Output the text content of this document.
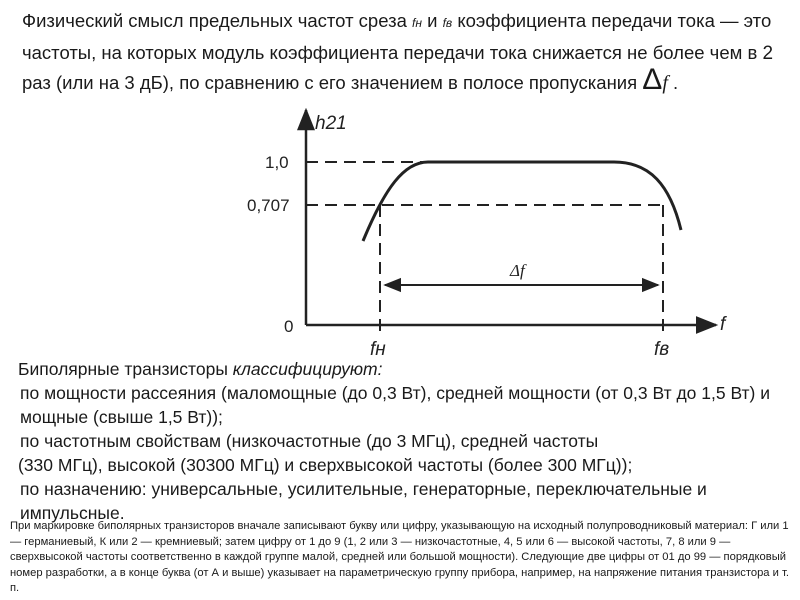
Физический смысл предельных частот среза fн и fв коэффициента передачи тока — это частоты, на которых модуль коэффициента передачи тока снижается не более чем в 2 раз (или на 3 дБ), по сравнению с его значением в полосе пропускания Δf .
Δf
1,0
0,707
0
h21
f
fн	fв

Биполярные транзисторы классифицируют:

по мощности рассеяния (маломощные (до 0,3 Вт), средней мощности (от 0,3 Вт до 1,5 Вт) и мощные (свыше 1,5 Вт));

по частотным свойствам (низкочастотные (до 3 МГц), средней частоты

(330 МГц), высокой (30300 МГц) и сверхвысокой частоты (более 300 МГц));

по назначению: универсальные, усилительные, генераторные, переключательные и импульсные.

При маркировке биполярных транзисторов вначале записывают букву или цифру, указывающую на исходный полупроводниковый материал: Г или 1 — германиевый, К или 2 — кремниевый; затем цифру от 1 до 9 (1, 2 или 3 — низкочастотные, 4, 5 или 6 — высокой частоты, 7, 8 или 9 — сверхвысокой частоты соответственно в каждой группе малой, средней или большой мощности). Следующие две цифры от 01 до 99 — порядковый номер разработки, а в конце буква (от А и выше) указывает на параметрическую группу прибора, например, на напряжение питания транзистора и т. п.
